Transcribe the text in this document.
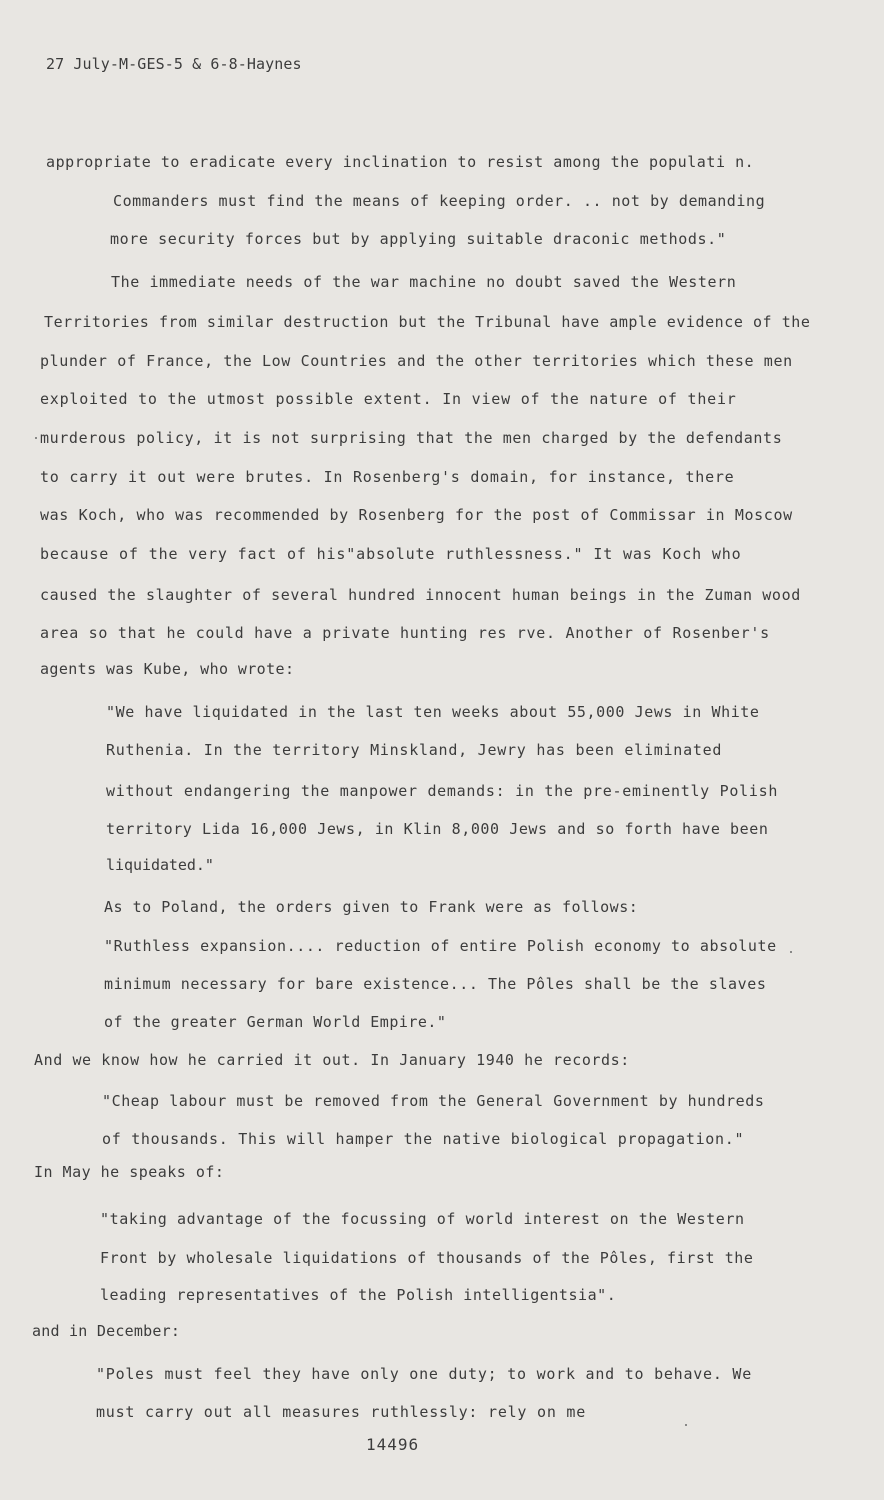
27 July-M-GES-5 & 6-8-Haynes
appropriate to eradicate every inclination to resist among the populati n.
Commanders must find the means of keeping order. .. not by demanding
more security forces but by applying suitable draconic methods."
The immediate needs of the war machine no doubt saved the Western
Territories from similar destruction but the Tribunal have ample evidence of the
plunder of France, the Low Countries and the other territories which these men
exploited to the utmost possible extent. In view of the nature of their
murderous policy, it is not surprising that the men charged by the defendants
to carry it out were brutes. In Rosenberg's domain, for instance, there
was Koch, who was recommended by Rosenberg for the post of Commissar in Moscow
because of the very fact of his"absolute ruthlessness." It was Koch who
caused the slaughter of several hundred innocent human beings in the Zuman wood
area so that he could have a private hunting res rve. Another of Rosenber's
agents was Kube, who wrote:
"We have liquidated in the last ten weeks about 55,000 Jews in White
Ruthenia. In the territory Minskland, Jewry has been eliminated
without endangering the manpower demands: in the pre-eminently Polish
territory Lida 16,000 Jews, in Klin 8,000 Jews and so forth have been
liquidated."
As to Poland, the orders given to Frank were as follows:
"Ruthless expansion.... reduction of entire Polish economy to absolute
minimum necessary for bare existence... The Pôles shall be the slaves
of the greater German World Empire."
And we know how he carried it out. In January 1940 he records:
"Cheap labour must be removed from the General Government by hundreds
of thousands. This will hamper the native biological propagation."
In May he speaks of:
"taking advantage of the focussing of world interest on the Western
Front by wholesale liquidations of thousands of the Pôles, first the
leading representatives of the Polish intelligentsia".
and in December:
"Poles must feel they have only one duty; to work and to behave. We
must carry out all measures ruthlessly: rely on me
14496
